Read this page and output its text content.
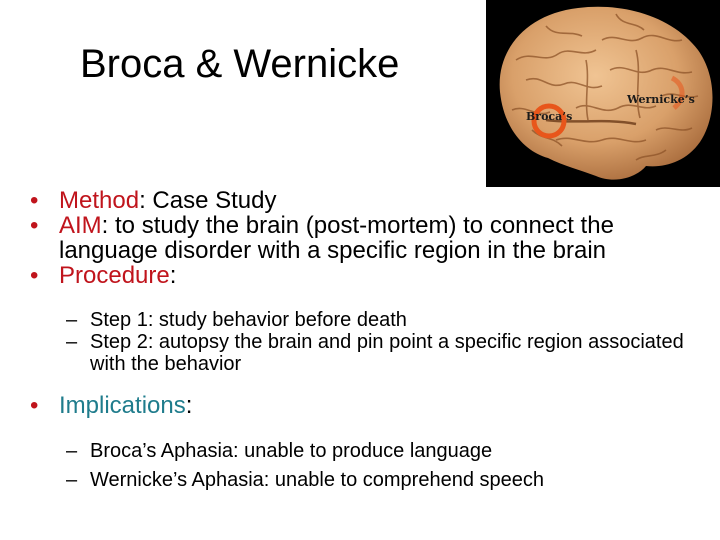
Broca & Wernicke
Broca’s
Wernicke’s
• Method: Case Study
• AIM: to study the brain (post-mortem) to connect the language disorder with a specific region in the brain
• Procedure:
– Step 1: study behavior before death
– Step 2: autopsy the brain and pin point a specific region associated with the behavior
• Implications:
– Broca’s Aphasia: unable to produce language
– Wernicke’s Aphasia: unable to comprehend speech
